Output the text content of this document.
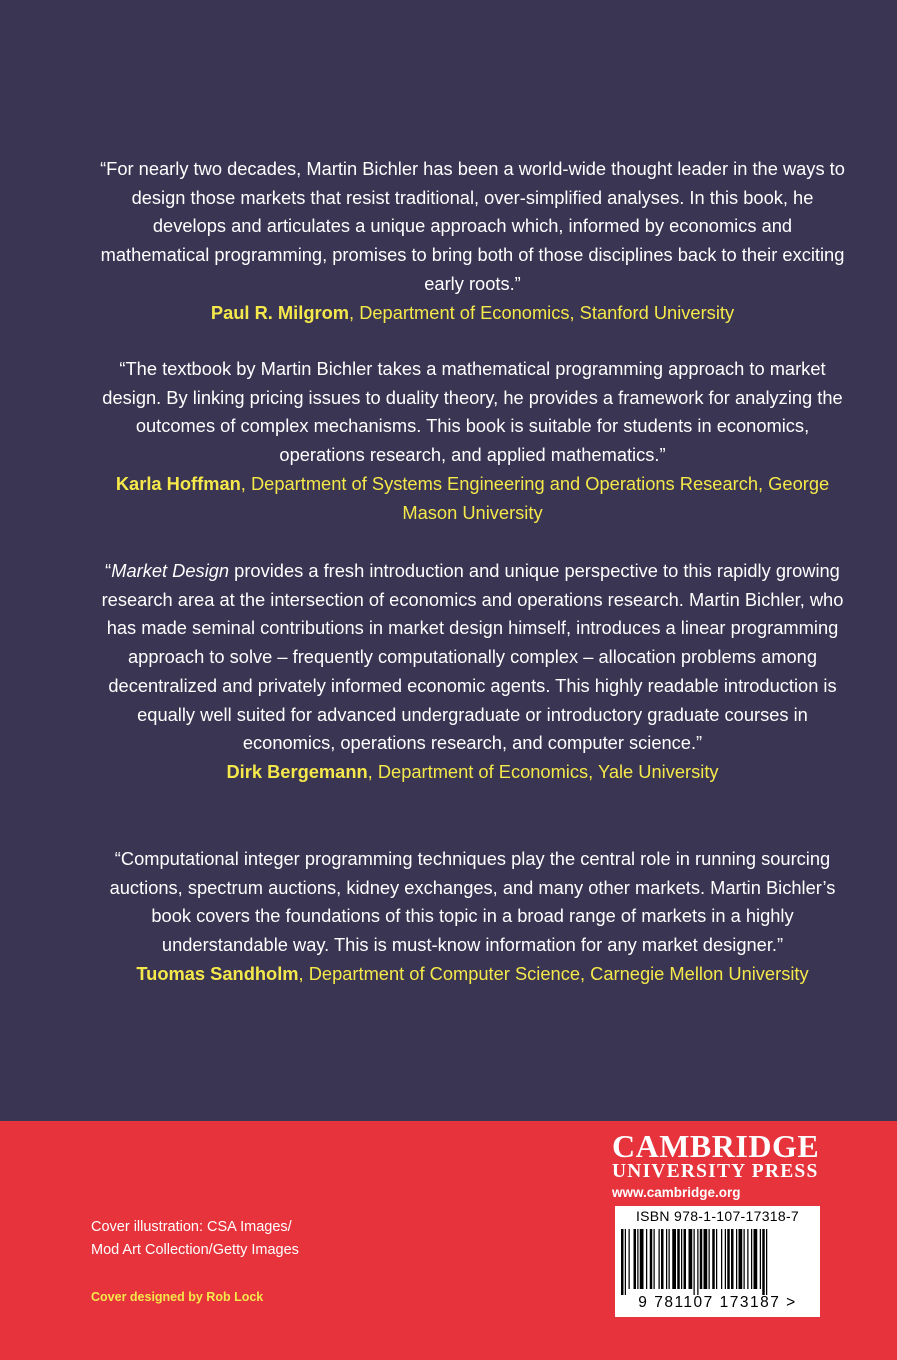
“For nearly two decades, Martin Bichler has been a world-wide thought leader in the ways to design those markets that resist traditional, over-simplified analyses. In this book, he develops and articulates a unique approach which, informed by economics and mathematical programming, promises to bring both of those disciplines back to their exciting early roots.”

Paul R. Milgrom, Department of Economics, Stanford University

“The textbook by Martin Bichler takes a mathematical programming approach to market design. By linking pricing issues to duality theory, he provides a framework for analyzing the outcomes of complex mechanisms. This book is suitable for students in economics, operations research, and applied mathematics.”

Karla Hoffman, Department of Systems Engineering and Operations Research, George Mason University

“Market Design provides a fresh introduction and unique perspective to this rapidly growing research area at the intersection of economics and operations research. Martin Bichler, who has made seminal contributions in market design himself, introduces a linear programming approach to solve – frequently computationally complex – allocation problems among decentralized and privately informed economic agents. This highly readable introduction is equally well suited for advanced undergraduate or introductory graduate courses in economics, operations research, and computer science.”

Dirk Bergemann, Department of Economics, Yale University

“Computational integer programming techniques play the central role in running sourcing auctions, spectrum auctions, kidney exchanges, and many other markets. Martin Bichler’s book covers the foundations of this topic in a broad range of markets in a highly understandable way. This is must-know information for any market designer.”

Tuomas Sandholm, Department of Computer Science, Carnegie Mellon University

Cover illustration: CSA Images/
Mod Art Collection/Getty Images
Cover designed by Rob Lock
CAMBRIDGE
UNIVERSITY PRESS
www.cambridge.org
ISBN 978-1-107-17318-7
9 781107 173187 >
